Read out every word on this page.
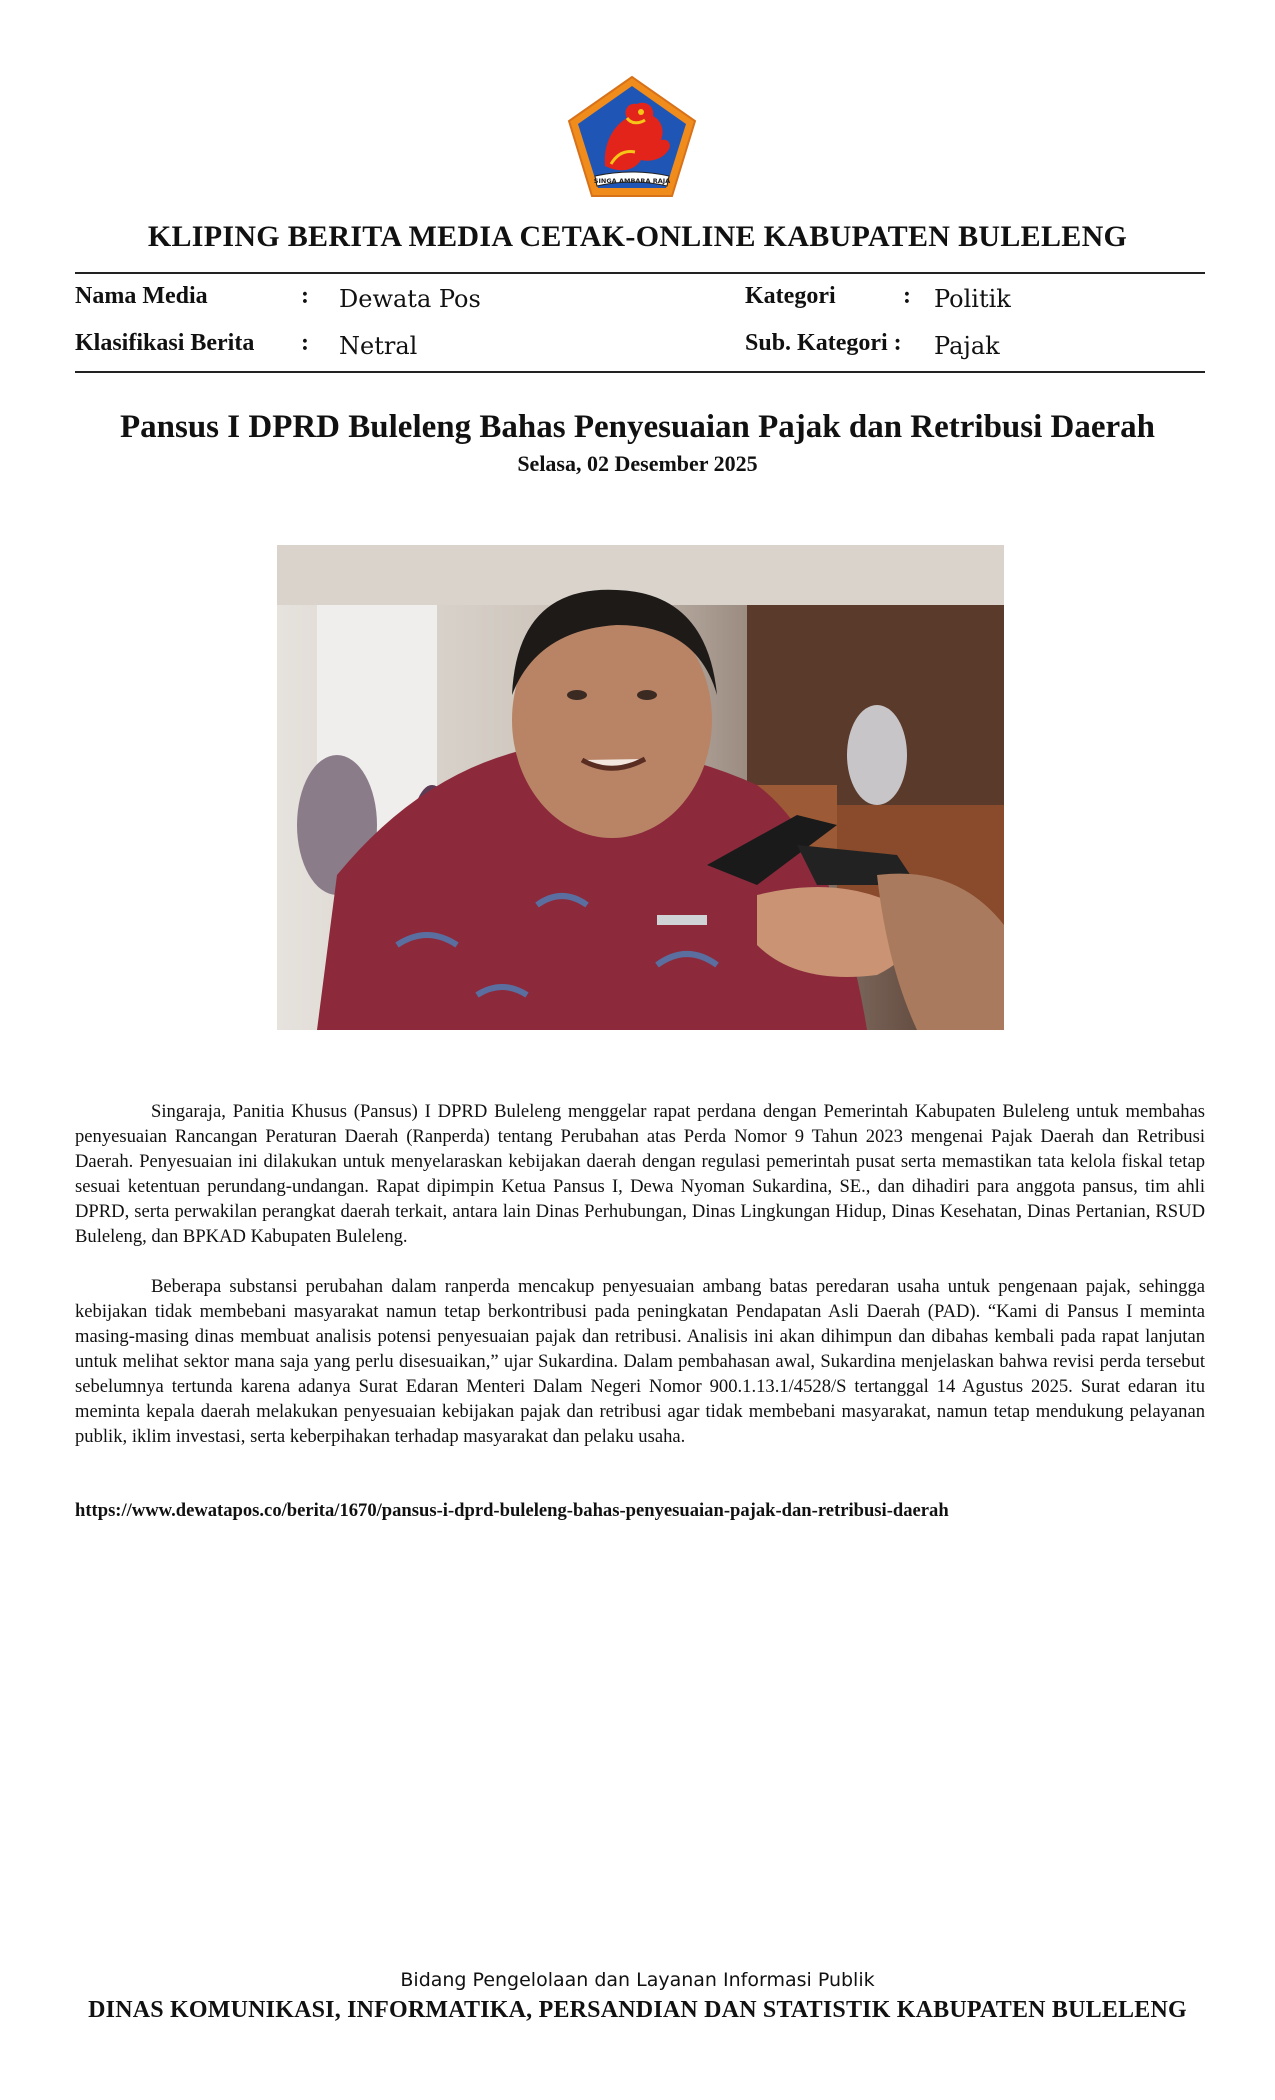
SINGA AMBARA RAJA
KLIPING BERITA MEDIA CETAK-ONLINE KABUPATEN BULELENG
Nama Media	: Dewata Pos
Klasifikasi Berita : Netral
Kategori	: Politik
Sub. Kategori : Pajak
Pansus I DPRD Buleleng Bahas Penyesuaian Pajak dan Retribusi Daerah
Selasa, 02 Desember 2025

Singaraja, Panitia Khusus (Pansus) I DPRD Buleleng menggelar rapat perdana dengan Pemerintah Kabupaten Buleleng untuk membahas penyesuaian Rancangan Peraturan Daerah (Ranperda) tentang Perubahan atas Perda Nomor 9 Tahun 2023 mengenai Pajak Daerah dan Retribusi Daerah. Penyesuaian ini dilakukan untuk menyelaraskan kebijakan daerah dengan regulasi pemerintah pusat serta memastikan tata kelola fiskal tetap sesuai ketentuan perundang-undangan. Rapat dipimpin Ketua Pansus I, Dewa Nyoman Sukardina, SE., dan dihadiri para anggota pansus, tim ahli DPRD, serta perwakilan perangkat daerah terkait, antara lain Dinas Perhubungan, Dinas Lingkungan Hidup, Dinas Kesehatan, Dinas Pertanian, RSUD Buleleng, dan BPKAD Kabupaten Buleleng.

Beberapa substansi perubahan dalam ranperda mencakup penyesuaian ambang batas peredaran usaha untuk pengenaan pajak, sehingga kebijakan tidak membebani masyarakat namun tetap berkontribusi pada peningkatan Pendapatan Asli Daerah (PAD). “Kami di Pansus I meminta masing-masing dinas membuat analisis potensi penyesuaian pajak dan retribusi. Analisis ini akan dihimpun dan dibahas kembali pada rapat lanjutan untuk melihat sektor mana saja yang perlu disesuaikan,” ujar Sukardina. Dalam pembahasan awal, Sukardina menjelaskan bahwa revisi perda tersebut sebelumnya tertunda karena adanya Surat Edaran Menteri Dalam Negeri Nomor 900.1.13.1/4528/S tertanggal 14 Agustus 2025. Surat edaran itu meminta kepala daerah melakukan penyesuaian kebijakan pajak dan retribusi agar tidak membebani masyarakat, namun tetap mendukung pelayanan publik, iklim investasi, serta keberpihakan terhadap masyarakat dan pelaku usaha.

https://www.dewatapos.co/berita/1670/pansus-i-dprd-buleleng-bahas-penyesuaian-pajak-dan-retribusi-daerah
Bidang Pengelolaan dan Layanan Informasi Publik
DINAS KOMUNIKASI, INFORMATIKA, PERSANDIAN DAN STATISTIK KABUPATEN BULELENG
